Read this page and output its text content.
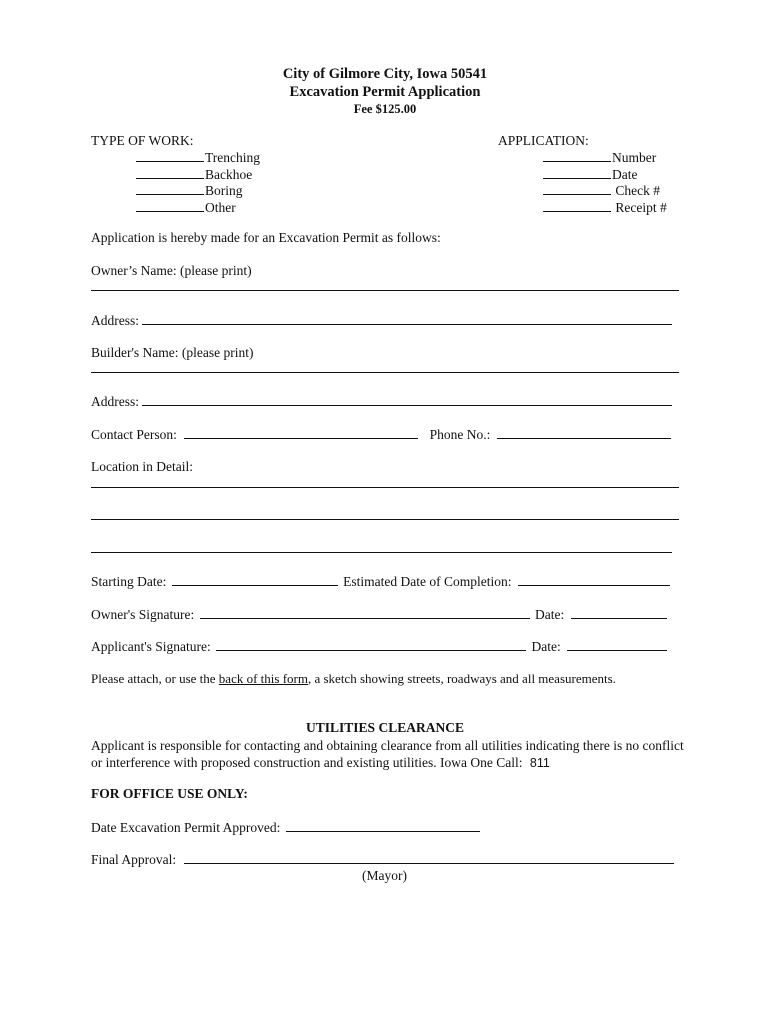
City of Gilmore City, Iowa 50541
Excavation Permit Application
Fee $125.00
TYPE OF WORK:
Trenching
Backhoe
Boring
Other
APPLICATION:
Number
Date
Check #
Receipt #
Application is hereby made for an Excavation Permit as follows:
Owner’s Name: (please print)
Address:
Builder's Name: (please print)
Address:
Contact Person:	Phone No.:
Location in Detail:
Starting Date:	Estimated Date of Completion:
Owner's Signature:	Date:
Applicant's Signature:	Date:
Please attach, or use the back of this form, a sketch showing streets, roadways and all measurements.
UTILITIES CLEARANCE
Applicant is responsible for contacting and obtaining clearance from all utilities indicating there is no conflict or interference with proposed construction and existing utilities. Iowa One Call: 811
FOR OFFICE USE ONLY:
Date Excavation Permit Approved:
Final Approval:
(Mayor)
